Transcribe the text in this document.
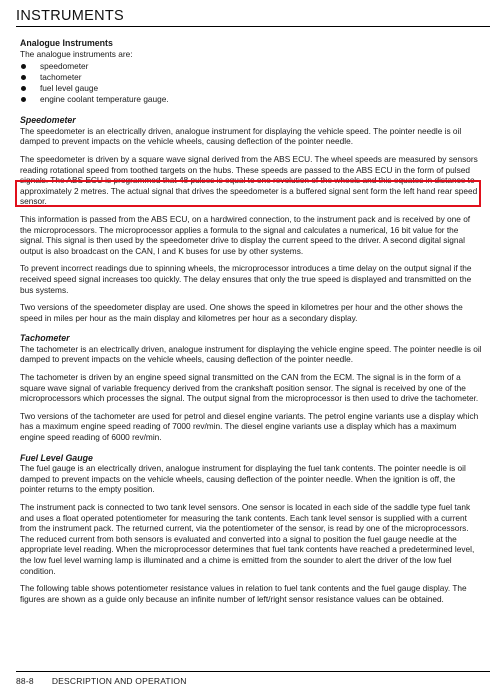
INSTRUMENTS
Analogue Instruments

The analogue instruments are:

speedometer
tachometer
fuel level gauge
engine coolant temperature gauge.
Speedometer

The speedometer is an electrically driven, analogue instrument for displaying the vehicle speed. The pointer needle is oil damped to prevent impacts on the vehicle wheels, causing deflection of the pointer needle.

The speedometer is driven by a square wave signal derived from the ABS ECU. The wheel speeds are measured by sensors reading rotational speed from toothed targets on the hubs. These speeds are passed to the ABS ECU in the form of pulsed signals. The ABS ECU is programmed that 48 pulses is equal to one revolution of the wheels and this equates in distance to approximately 2 metres. The actual signal that drives the speedometer is a buffered signal sent form the left hand rear speed sensor.

This information is passed from the ABS ECU, on a hardwired connection, to the instrument pack and is received by one of the microprocessors. The microprocessor applies a formula to the signal and calculates a numerical, 16 bit value for the signal. This signal is then used by the speedometer drive to display the current speed to the driver. A second digital signal output is also broadcast on the CAN, I and K buses for use by other systems.

To prevent incorrect readings due to spinning wheels, the microprocessor introduces a time delay on the output signal if the received speed signal increases too quickly. The delay ensures that only the true speed is displayed and transmitted on the bus systems.

Two versions of the speedometer display are used. One shows the speed in kilometres per hour and the other shows the speed in miles per hour as the main display and kilometres per hour as a secondary display.

Tachometer

The tachometer is an electrically driven, analogue instrument for displaying the vehicle engine speed. The pointer needle is oil damped to prevent impacts on the vehicle wheels, causing deflection of the pointer needle.

The tachometer is driven by an engine speed signal transmitted on the CAN from the ECM. The signal is in the form of a square wave signal of variable frequency derived from the crankshaft position sensor. The signal is received by one of the microprocessors which processes the signal. The output signal from the microprocessor is then used to drive the tachometer.

Two versions of the tachometer are used for petrol and diesel engine variants. The petrol engine variants use a display which has a maximum engine speed reading of 7000 rev/min. The diesel engine variants use a display which has a maximum engine speed reading of 6000 rev/min.

Fuel Level Gauge

The fuel gauge is an electrically driven, analogue instrument for displaying the fuel tank contents. The pointer needle is oil damped to prevent impacts on the vehicle wheels, causing deflection of the pointer needle. When the ignition is off, the pointer returns to the empty position.

The instrument pack is connected to two tank level sensors. One sensor is located in each side of the saddle type fuel tank and uses a float operated potentiometer for measuring the tank contents. Each tank level sensor is supplied with a current from the instrument pack. The returned current, via the potentiometer of the sensor, is read by one of the microprocessors. The reduced current from both sensors is evaluated and converted into a signal to position the fuel gauge needle at the appropriate level reading. When the microprocessor determines that fuel tank contents have reached a predetermined level, the low fuel level warning lamp is illuminated and a chime is emitted from the sounder to alert the driver of the low fuel condition.

The following table shows potentiometer resistance values in relation to fuel tank contents and the fuel gauge display. The figures are shown as a guide only because an infinite number of left/right sensor resistance values can be obtained.

88-8 DESCRIPTION AND OPERATION
